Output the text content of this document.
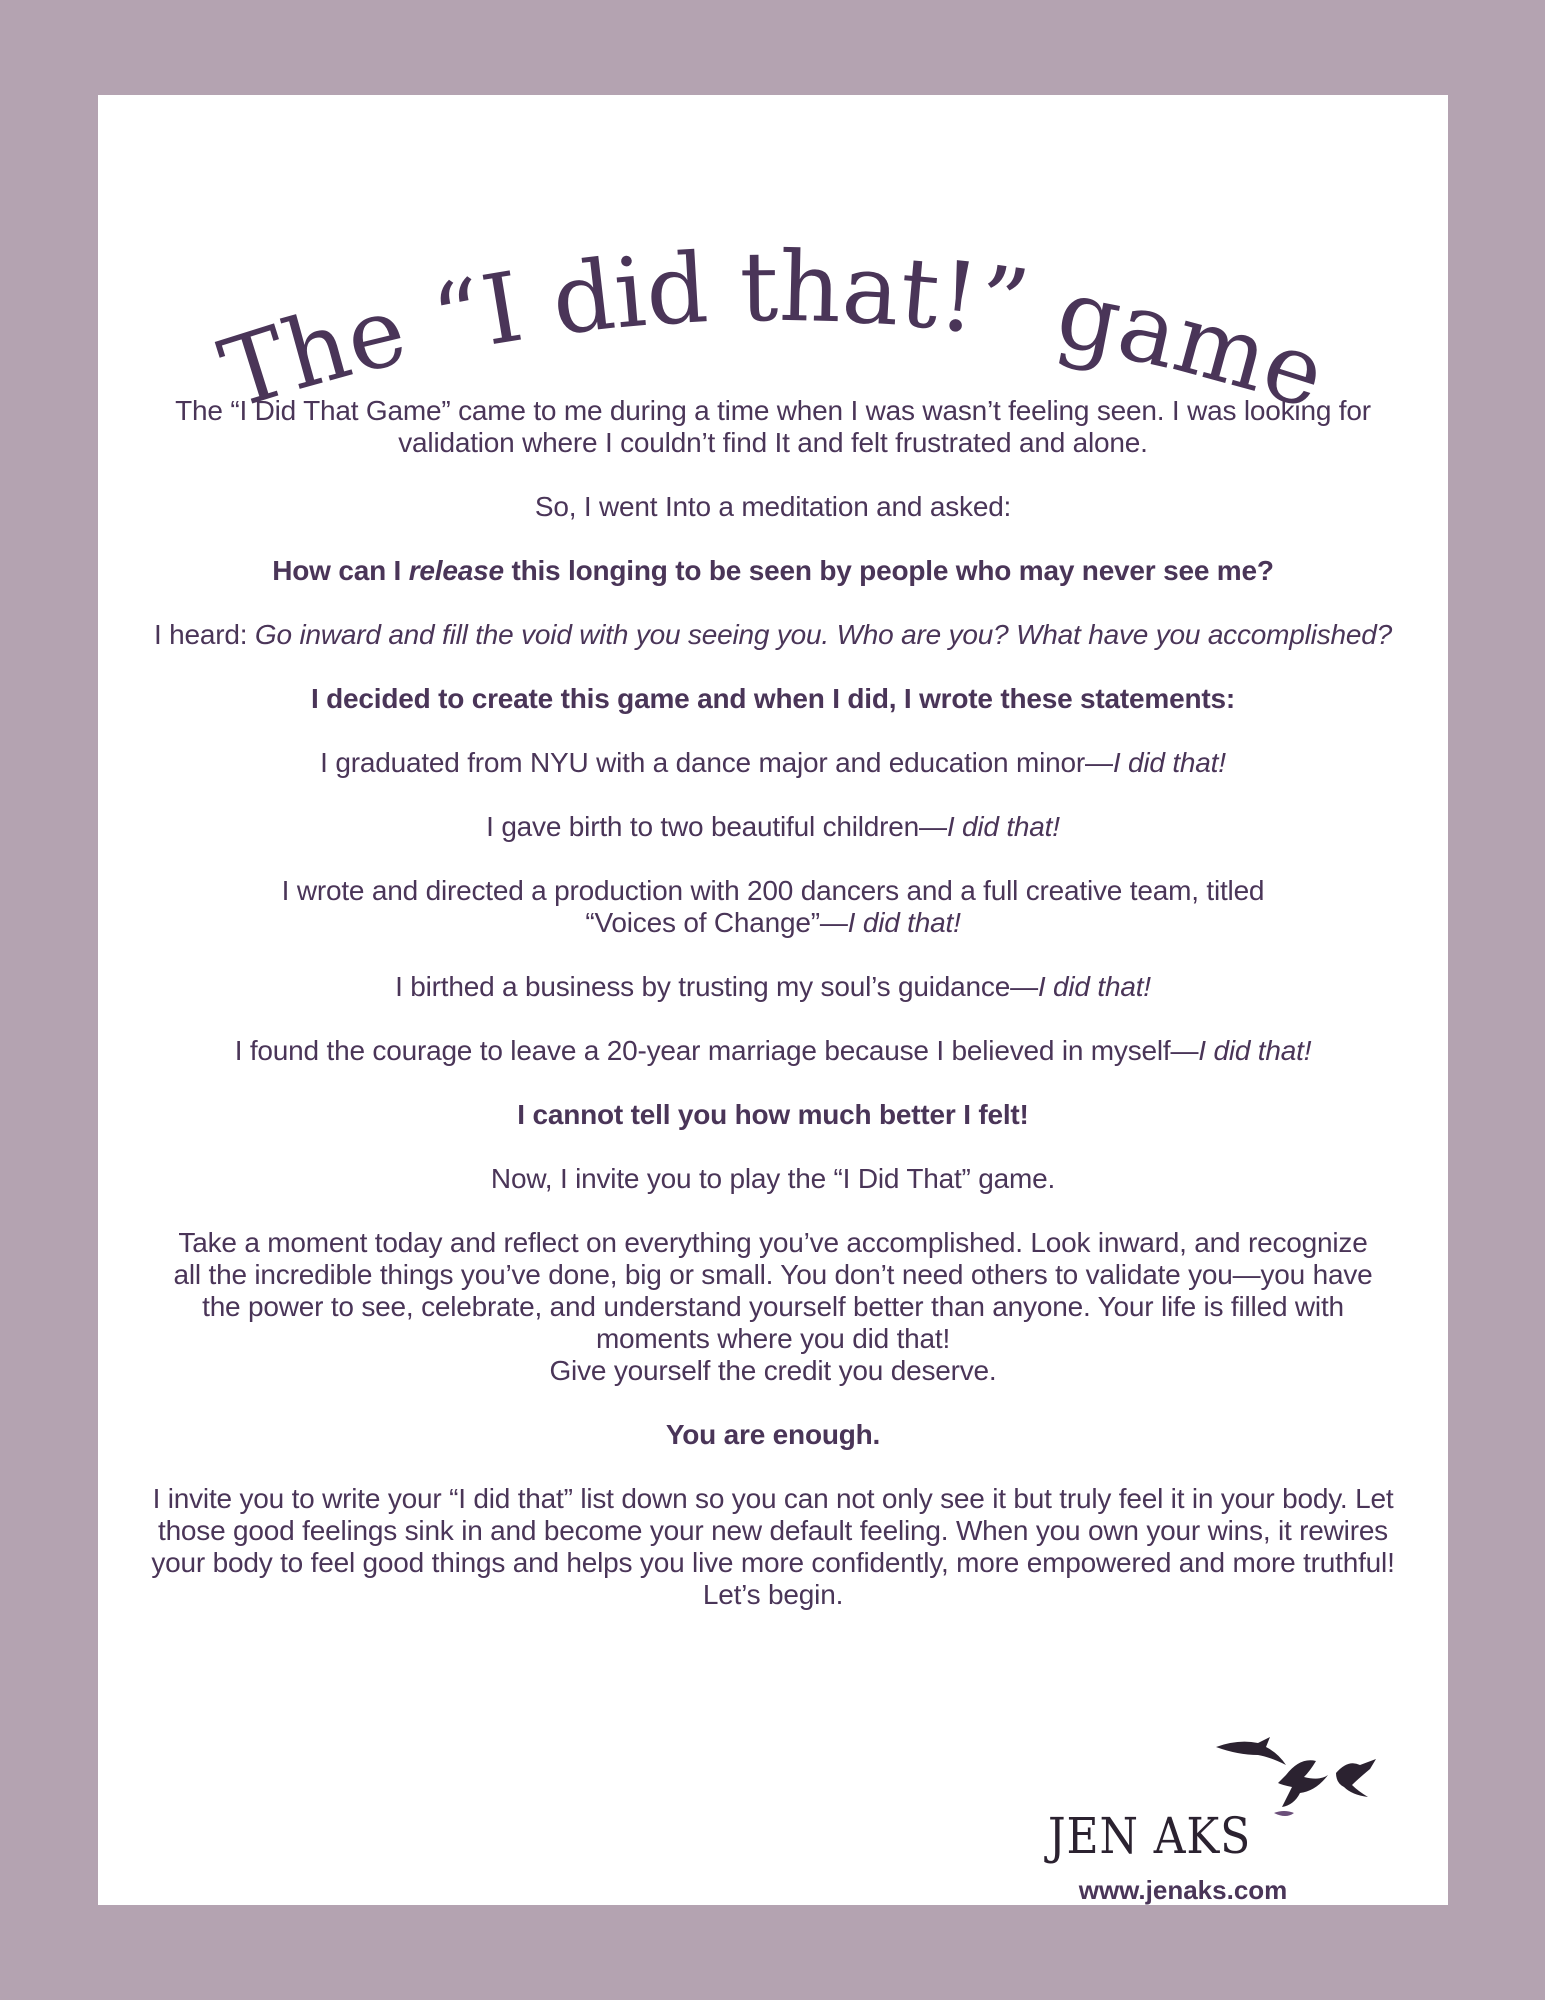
The “I did that!” game

The “I Did That Game” came to me during a time when I was wasn’t feeling seen. I was looking for validation where I couldn’t find It and felt frustrated and alone.

So, I went Into a meditation and asked:

How can I release this longing to be seen by people who may never see me?

I heard: Go inward and fill the void with you seeing you. Who are you? What have you accomplished?

I decided to create this game and when I did, I wrote these statements:

I graduated from NYU with a dance major and education minor—I did that!

I gave birth to two beautiful children—I did that!

I wrote and directed a production with 200 dancers and a full creative team, titled “Voices of Change”—I did that!

I birthed a business by trusting my soul’s guidance—I did that!

I found the courage to leave a 20-year marriage because I believed in myself—I did that!

I cannot tell you how much better I felt!

Now, I invite you to play the “I Did That” game.

Take a moment today and reflect on everything you’ve accomplished. Look inward, and recognize all the incredible things you’ve done, big or small. You don’t need others to validate you—you have the power to see, celebrate, and understand yourself better than anyone. Your life is filled with moments where you did that!
Give yourself the credit you deserve.

You are enough.

I invite you to write your “I did that” list down so you can not only see it but truly feel it in your body. Let those good feelings sink in and become your new default feeling. When you own your wins, it rewires your body to feel good things and helps you live more confidently, more empowered and more truthful! Let’s begin.

JEN AKS
www.jenaks.com
